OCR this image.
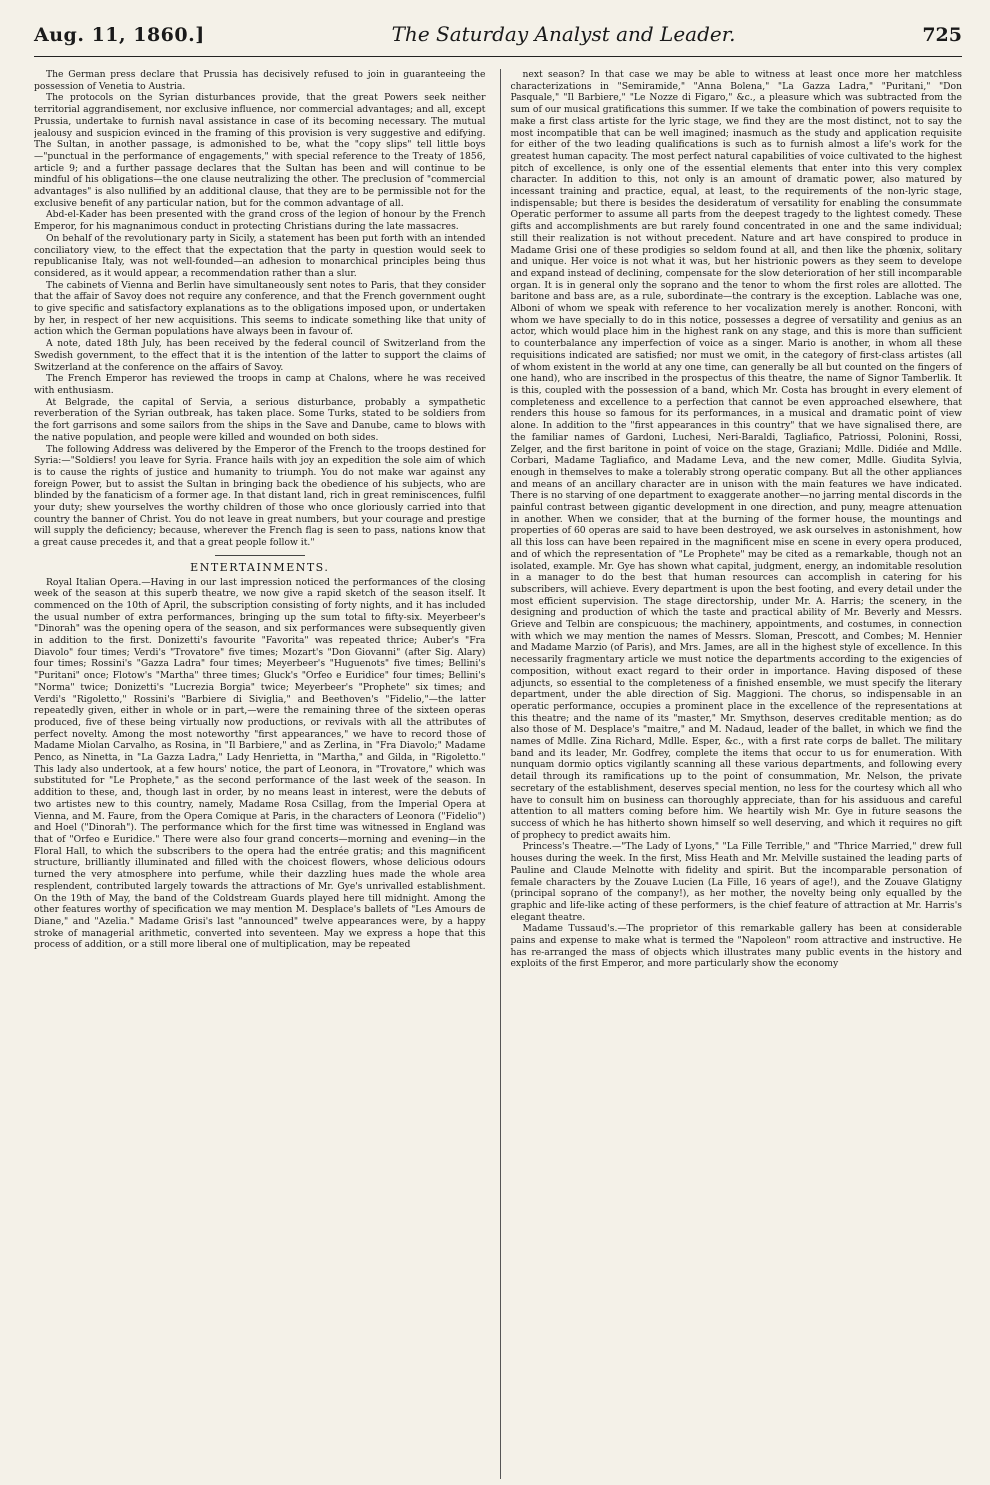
Aug. 11, 1860.]	The Saturday Analyst and Leader.	725

The German press declare that Prussia has decisively refused to join in guaranteeing the possession of Venetia to Austria.

The protocols on the Syrian disturbances provide, that the great Powers seek neither territorial aggrandisement, nor exclusive influence, nor commercial advantages; and all, except Prussia, undertake to furnish naval assistance in case of its becoming necessary. The mutual jealousy and suspicion evinced in the framing of this provision is very suggestive and edifying. The Sultan, in another passage, is admonished to be, what the "copy slips" tell little boys—"punctual in the performance of engagements," with special reference to the Treaty of 1856, article 9; and a further passage declares that the Sultan has been and will continue to be mindful of his obligations—the one clause neutralizing the other. The preclusion of "commercial advantages" is also nullified by an additional clause, that they are to be permissible not for the exclusive benefit of any particular nation, but for the common advantage of all.

Abd-el-Kader has been presented with the grand cross of the legion of honour by the French Emperor, for his magnanimous conduct in protecting Christians during the late massacres.

On behalf of the revolutionary party in Sicily, a statement has been put forth with an intended conciliatory view, to the effect that the expectation that the party in question would seek to republicanise Italy, was not well-founded—an adhesion to monarchical principles being thus considered, as it would appear, a recommendation rather than a slur.

The cabinets of Vienna and Berlin have simultaneously sent notes to Paris, that they consider that the affair of Savoy does not require any conference, and that the French government ought to give specific and satisfactory explanations as to the obligations imposed upon, or undertaken by her, in respect of her new acquisitions. This seems to indicate something like that unity of action which the German populations have always been in favour of.

A note, dated 18th July, has been received by the federal council of Switzerland from the Swedish government, to the effect that it is the intention of the latter to support the claims of Switzerland at the conference on the affairs of Savoy.

The French Emperor has reviewed the troops in camp at Chalons, where he was received with enthusiasm.

At Belgrade, the capital of Servia, a serious disturbance, probably a sympathetic reverberation of the Syrian outbreak, has taken place. Some Turks, stated to be soldiers from the fort garrisons and some sailors from the ships in the Save and Danube, came to blows with the native population, and people were killed and wounded on both sides.

The following Address was delivered by the Emperor of the French to the troops destined for Syria:—"Soldiers! you leave for Syria. France hails with joy an expedition the sole aim of which is to cause the rights of justice and humanity to triumph. You do not make war against any foreign Power, but to assist the Sultan in bringing back the obedience of his subjects, who are blinded by the fanaticism of a former age. In that distant land, rich in great reminiscences, fulfil your duty; shew yourselves the worthy children of those who once gloriously carried into that country the banner of Christ. You do not leave in great numbers, but your courage and prestige will supply the deficiency; because, wherever the French flag is seen to pass, nations know that a great cause precedes it, and that a great people follow it."

ENTERTAINMENTS.

Royal Italian Opera.—Having in our last impression noticed the performances of the closing week of the season at this superb theatre, we now give a rapid sketch of the season itself. It commenced on the 10th of April, the subscription consisting of forty nights, and it has included the usual number of extra performances, bringing up the sum total to fifty-six. Meyerbeer's "Dinorah" was the opening opera of the season, and six performances were subsequently given in addition to the first. Donizetti's favourite "Favorita" was repeated thrice; Auber's "Fra Diavolo" four times; Verdi's "Trovatore" five times; Mozart's "Don Giovanni" (after Sig. Alary) four times; Rossini's "Gazza Ladra" four times; Meyerbeer's "Huguenots" five times; Bellini's "Puritani" once; Flotow's "Martha" three times; Gluck's "Orfeo e Euridice" four times; Bellini's "Norma" twice; Donizetti's "Lucrezia Borgia" twice; Meyerbeer's "Prophete" six times; and Verdi's "Rigoletto," Rossini's "Barbiere di Siviglia," and Beethoven's "Fidelio,"—the latter repeatedly given, either in whole or in part,—were the remaining three of the sixteen operas produced, five of these being virtually now productions, or revivals with all the attributes of perfect novelty. Among the most noteworthy "first appearances," we have to record those of Madame Miolan Carvalho, as Rosina, in "Il Barbiere," and as Zerlina, in "Fra Diavolo;" Madame Penco, as Ninetta, in "La Gazza Ladra," Lady Henrietta, in "Martha," and Gilda, in "Rigoletto." This lady also undertook, at a few hours' notice, the part of Leonora, in "Trovatore," which was substituted for "Le Prophete," as the second performance of the last week of the season. In addition to these, and, though last in order, by no means least in interest, were the debuts of two artistes new to this country, namely, Madame Rosa Csillag, from the Imperial Opera at Vienna, and M. Faure, from the Opera Comique at Paris, in the characters of Leonora ("Fidelio") and Hoel ("Dinorah"). The performance which for the first time was witnessed in England was that of "Orfeo e Euridice." There were also four grand concerts—morning and evening—in the Floral Hall, to which the subscribers to the opera had the entrée gratis; and this magnificent structure, brilliantly illuminated and filled with the choicest flowers, whose delicious odours turned the very atmosphere into perfume, while their dazzling hues made the whole area resplendent, contributed largely towards the attractions of Mr. Gye's unrivalled establishment. On the 19th of May, the band of the Coldstream Guards played here till midnight. Among the other features worthy of specification we may mention M. Desplace's ballets of "Les Amours de Diane," and "Azelia." Madame Grisi's last "announced" twelve appearances were, by a happy stroke of managerial arithmetic, converted into seventeen. May we express a hope that this process of addition, or a still more liberal one of multiplication, may be repeated

next season? In that case we may be able to witness at least once more her matchless characterizations in "Semiramide," "Anna Bolena," "La Gazza Ladra," "Puritani," "Don Pasquale," "Il Barbiere," "Le Nozze di Figaro," &c., a pleasure which was subtracted from the sum of our musical gratifications this summer. If we take the combination of powers requisite to make a first class artiste for the lyric stage, we find they are the most distinct, not to say the most incompatible that can be well imagined; inasmuch as the study and application requisite for either of the two leading qualifications is such as to furnish almost a life's work for the greatest human capacity. The most perfect natural capabilities of voice cultivated to the highest pitch of excellence, is only one of the essential elements that enter into this very complex character. In addition to this, not only is an amount of dramatic power, also matured by incessant training and practice, equal, at least, to the requirements of the non-lyric stage, indispensable; but there is besides the desideratum of versatility for enabling the consummate Operatic performer to assume all parts from the deepest tragedy to the lightest comedy. These gifts and accomplishments are but rarely found concentrated in one and the same individual; still their realization is not without precedent. Nature and art have conspired to produce in Madame Grisi one of these prodigies so seldom found at all, and then like the phœnix, solitary and unique. Her voice is not what it was, but her histrionic powers as they seem to develope and expand instead of declining, compensate for the slow deterioration of her still incomparable organ. It is in general only the soprano and the tenor to whom the first roles are allotted. The baritone and bass are, as a rule, subordinate—the contrary is the exception. Lablache was one, Alboni of whom we speak with reference to her vocalization merely is another. Ronconi, with whom we have specially to do in this notice, possesses a degree of versatility and genius as an actor, which would place him in the highest rank on any stage, and this is more than sufficient to counterbalance any imperfection of voice as a singer. Mario is another, in whom all these requisitions indicated are satisfied; nor must we omit, in the category of first-class artistes (all of whom existent in the world at any one time, can generally be all but counted on the fingers of one hand), who are inscribed in the prospectus of this theatre, the name of Signor Tamberlik. It is this, coupled with the possession of a band, which Mr. Costa has brought in every element of completeness and excellence to a perfection that cannot be even approached elsewhere, that renders this house so famous for its performances, in a musical and dramatic point of view alone. In addition to the "first appearances in this country" that we have signalised there, are the familiar names of Gardoni, Luchesi, Neri-Baraldi, Tagliafico, Patriossi, Polonini, Rossi, Zelger, and the first baritone in point of voice on the stage, Graziani; Mdlle. Didiée and Mdlle. Corbari, Madame Tagliafico, and Madame Leva, and the new comer, Mdlle. Giudita Sylvia, enough in themselves to make a tolerably strong operatic company. But all the other appliances and means of an ancillary character are in unison with the main features we have indicated. There is no starving of one department to exaggerate another—no jarring mental discords in the painful contrast between gigantic development in one direction, and puny, meagre attenuation in another. When we consider, that at the burning of the former house, the mountings and properties of 60 operas are said to have been destroyed, we ask ourselves in astonishment, how all this loss can have been repaired in the magnificent mise en scene in every opera produced, and of which the representation of "Le Prophete" may be cited as a remarkable, though not an isolated, example. Mr. Gye has shown what capital, judgment, energy, an indomitable resolution in a manager to do the best that human resources can accomplish in catering for his subscribers, will achieve. Every department is upon the best footing, and every detail under the most efficient supervision. The stage directorship, under Mr. A. Harris; the scenery, in the designing and production of which the taste and practical ability of Mr. Beverly and Messrs. Grieve and Telbin are conspicuous; the machinery, appointments, and costumes, in connection with which we may mention the names of Messrs. Sloman, Prescott, and Combes; M. Hennier and Madame Marzio (of Paris), and Mrs. James, are all in the highest style of excellence. In this necessarily fragmentary article we must notice the departments according to the exigencies of composition, without exact regard to their order in importance. Having disposed of these adjuncts, so essential to the completeness of a finished ensemble, we must specify the literary department, under the able direction of Sig. Maggioni. The chorus, so indispensable in an operatic performance, occupies a prominent place in the excellence of the representations at this theatre; and the name of its "master," Mr. Smythson, deserves creditable mention; as do also those of M. Desplace's "maitre," and M. Nadaud, leader of the ballet, in which we find the names of Mdlle. Zina Richard, Mdlle. Esper, &c., with a first rate corps de ballet. The military band and its leader, Mr. Godfrey, complete the items that occur to us for enumeration. With nunquam dormio optics vigilantly scanning all these various departments, and following every detail through its ramifications up to the point of consummation, Mr. Nelson, the private secretary of the establishment, deserves special mention, no less for the courtesy which all who have to consult him on business can thoroughly appreciate, than for his assiduous and careful attention to all matters coming before him. We heartily wish Mr. Gye in future seasons the success of which he has hitherto shown himself so well deserving, and which it requires no gift of prophecy to predict awaits him.

Princess's Theatre.—"The Lady of Lyons," "La Fille Terrible," and "Thrice Married," drew full houses during the week. In the first, Miss Heath and Mr. Melville sustained the leading parts of Pauline and Claude Melnotte with fidelity and spirit. But the incomparable personation of female characters by the Zouave Lucien (La Fille, 16 years of age!), and the Zouave Glatigny (principal soprano of the company!), as her mother, the novelty being only equalled by the graphic and life-like acting of these performers, is the chief feature of attraction at Mr. Harris's elegant theatre.

Madame Tussaud's.—The proprietor of this remarkable gallery has been at considerable pains and expense to make what is termed the "Napoleon" room attractive and instructive. He has re-arranged the mass of objects which illustrates many public events in the history and exploits of the first Emperor, and more particularly show the economy
